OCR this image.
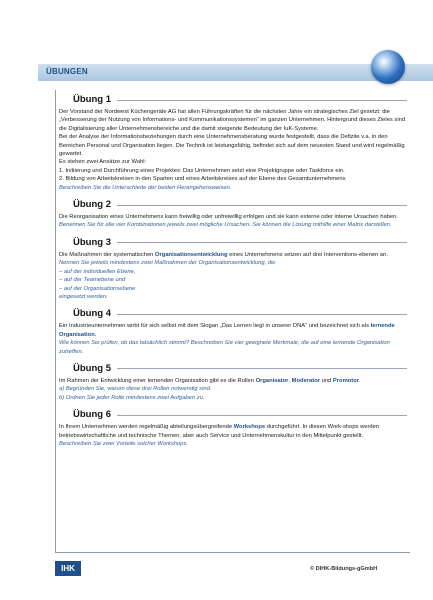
ÜBUNGEN
Übung 1

Der Vorstand der Nordwest Küchengeräte AG hat allen Führungskräften für die nächsten Jahre ein strategisches Ziel gesetzt: die „Verbesserung der Nutzung von Informations- und Kommunikationssystemen“ im ganzen Unternehmen. Hintergrund dieses Zieles sind die Digitalisierung aller Unternehmensbereiche und die damit steigende Bedeutung der IuK-Systeme.

Bei der Analyse der Informationsbeziehungen durch eine Unternehmensberatung wurde festgestellt, dass die Defizite v.a. in den Bereichen Personal und Organisation liegen. Die Technik ist leistungsfähig, befindet sich auf dem neuesten Stand und wird regelmäßig gewartet.

Es stehen zwei Ansätze zur Wahl:

1. Initiierung und Durchführung eines Projektes: Das Unternehmen setzt eine Projektgruppe oder Taskforce ein.

2. Bildung von Arbeitskreisen in den Sparten und eines Arbeitskreises auf der Ebene des Gesamtunternehmens

Beschreiben Sie die Unterschiede der beiden Herangehensweisen.

Übung 2

Die Reorganisation eines Unternehmens kann freiwillig oder unfreiwillig erfolgen und sie kann externe oder interne Ursachen haben.

Benennen Sie für alle vier Kombinationen jeweils zwei mögliche Ursachen. Sie können die Lösung mithilfe einer Matrix darstellen.

Übung 3

Die Maßnahmen der systematischen Organisationsentwicklung eines Unternehmens setzen auf drei Interventions-ebenen an.

Nennen Sie jeweils mindestens zwei Maßnahmen der Organisationsentwicklung, die

– auf der individuellen Ebene,

– auf der Teamebene und

– auf der Organisationsebene

eingesetzt werden.

Übung 4

Ein Industrieunternehmen wirbt für sich selbst mit dem Slogan „Das Lernen liegt in unserer DNA“ und bezeichnet sich als lernende Organisation.

Wie können Sie prüfen, ob das tatsächlich stimmt? Beschreiben Sie vier geeignete Merkmale, die auf eine lernende Organisation zutreffen.

Übung 5

Im Rahmen der Entwicklung einer lernenden Organisation gibt es die Rollen Organisator, Moderator und Promotor.

a) Begründen Sie, warum diese drei Rollen notwendig sind.

b) Ordnen Sie jeder Rolle mindestens zwei Aufgaben zu.

Übung 6

In Ihrem Unternehmen werden regelmäßig abteilungsübergreifende Workshops durchgeführt. In diesen Work-shops werden betriebswirtschaftliche und technische Themen, aber auch Service und Unternehmenskultur in den Mittelpunkt gestellt.

Beschreiben Sie zwei Vorteile solcher Workshops.

IHK	© DIHK-Bildungs-gGmbH
